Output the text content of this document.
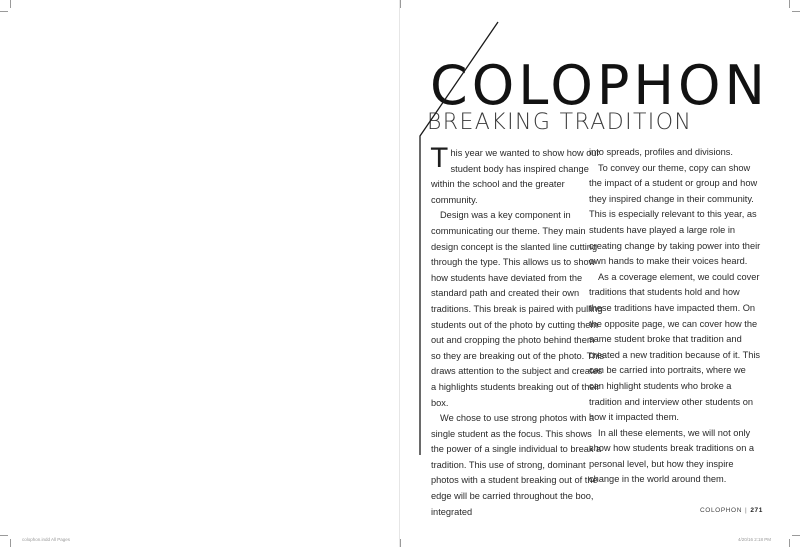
COLOPHON
BREAKING TRADITION

This year we wanted to show how our student body has inspired change within the school and the greater community.

Design was a key component in communicating our theme. They main design concept is the slanted line cutting through the type. This allows us to show how students have deviated from the standard path and created their own traditions. This break is paired with pulling students out of the photo by cutting them out and cropping the photo behind them so they are breaking out of the photo. This draws attention to the subject and creates a highlights students breaking out of their box.

We chose to use strong photos with a single student as the focus. This shows the power of a single individual to break a tradition. This use of strong, dominant photos with a student breaking out of the edge will be carried throughout the boo, integrated

into spreads, profiles and divisions.

To convey our theme, copy can show the impact of a student or group and how they inspired change in their community. This is especially relevant to this year, as students have played a large role in creating change by taking power into their own hands to make their voices heard.

As a coverage element, we could cover traditions that students hold and how these traditions have impacted them. On the opposite page, we can cover how the same student broke that tradition and created a new tradition because of it. This can be carried into portraits, where we can highlight students who broke a tradition and interview other students on how it impacted them.

In all these elements, we will not only show how students break traditions on a personal level, but how they inspire change in the world around them.

COLOPHON | 271
colophon.indd All Pages	4/20/16 2:18 PM
